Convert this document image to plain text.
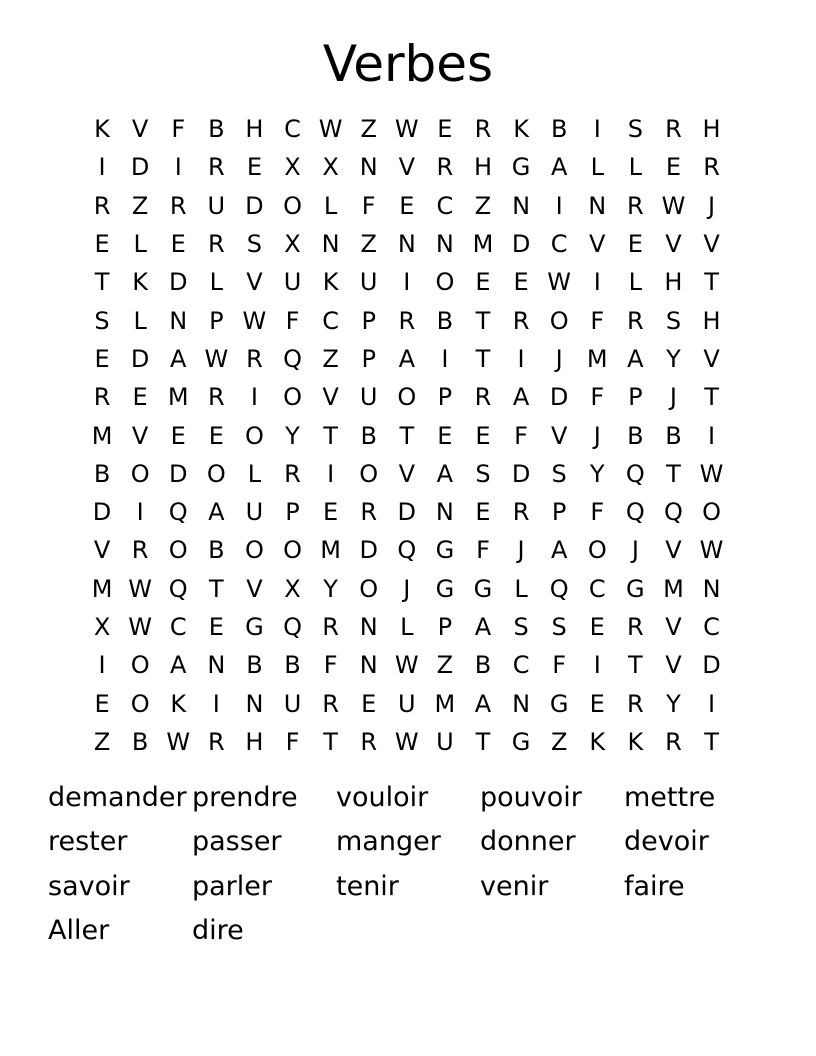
Verbes
K V F B H C W Z W E R K B	I	S R H
I	D	I	R E X X N V R H G A L	L E R
R Z R U D O L	F E C Z N	I	N R W J
E L E R S X N Z N N M D C V E V V
T K D L V U K U	I	O E E W I	L H T
S L N P W F C P R B T R O F R S H
E D A W R Q Z P A	I	T	I	J	M A Y V
R E M R	I	O V U O P R A D F P	J	T
M V E E O Y T B T E E F V	J	B B	I
B O D O L R	I	O V A S D S Y Q T W
D	I	Q A U P E R D N E R P F Q Q O
V R O B O O M D Q G F	J	A O	J	V W
M W Q T V X Y O	J	G G L Q C G M N
X W C E G Q R N L	P A S S E R V C
I	O A N B B F N W Z B C F	I	T V D
E O K	I	N U R E U M A N G E R Y	I
Z B W R H F T R W U T G Z K K R T
demander prendre	vouloir	pouvoir	mettre
rester	passer	manger	donner	devoir
savoir	parler	tenir	venir	faire
Aller	dire
